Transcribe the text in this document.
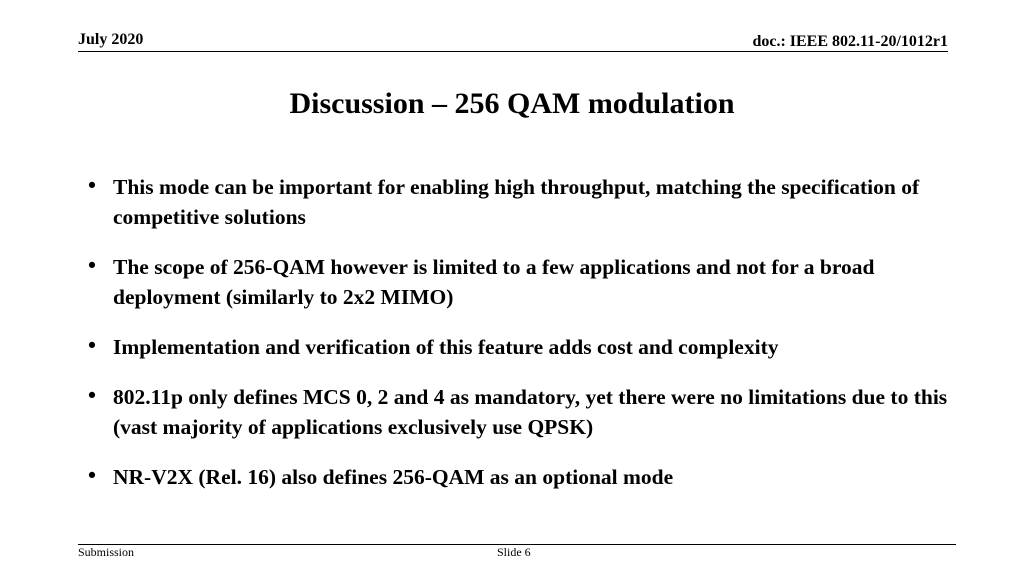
July 2020	doc.: IEEE 802.11-20/1012r1
Discussion – 256 QAM modulation
• This mode can be important for enabling high throughput, matching the specification of competitive solutions
• The scope of 256-QAM however is limited to a few applications and not for a broad deployment (similarly to 2x2 MIMO)
• Implementation and verification of this feature adds cost and complexity
• 802.11p only defines MCS 0, 2 and 4 as mandatory, yet there were no limitations due to this (vast majority of applications exclusively use QPSK)
• NR-V2X (Rel. 16) also defines 256-QAM as an optional mode
Submission	Slide 6
